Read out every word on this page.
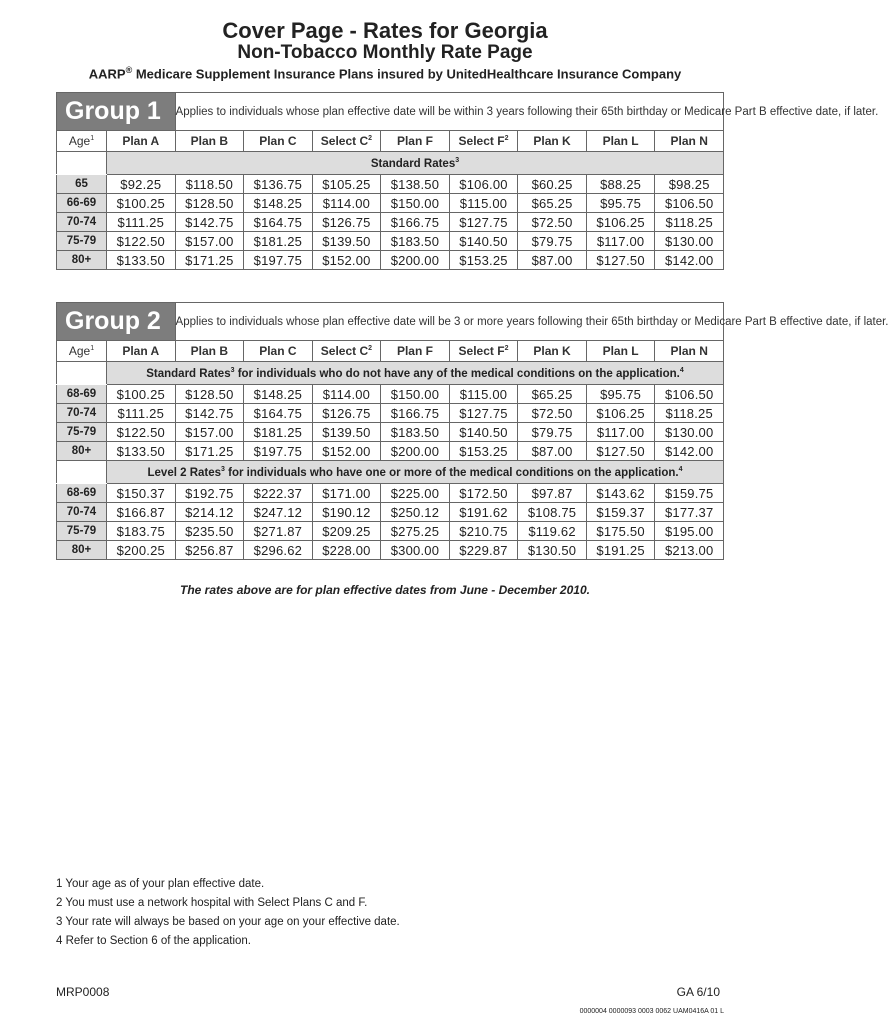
Cover Page - Rates for Georgia
Non-Tobacco Monthly Rate Page
AARP® Medicare Supplement Insurance Plans insured by UnitedHealthcare Insurance Company
Group 1		Applies to individuals whose plan effective date will be within 3 years following their 65th birthday or Medicare Part B effective date, if later.							
Age$^1$	Plan A	Plan B	Plan C	Select $C^2$	Plan F	Select $F^2$	Plan K	Plan L	Plan N
	Standard Rates$^3$
65	$92.25	$118.50	$136.75	$105.25	$138.50	$106.00	$60.25	$88.25	$98.25
66-69	$100.25	$128.50	$148.25	$114.00	$150.00	$115.00	$65.25	$95.75	$106.50
70-74	$111.25	$142.75	$164.75	$126.75	$166.75	$127.75	$72.50	$106.25	$118.25
75-79	$122.50	$157.00	$181.25	$139.50	$183.50	$140.50	$79.75	$117.00	$130.00
80+	$133.50	$171.25	$197.75	$152.00	$200.00	$153.25	$87.00	$127.50	$142.00
Group 2		Applies to individuals whose plan effective date will be 3 or more years following their 65th birthday or Medicare Part B effective date, if later.							
Age$^1$	Plan A	Plan B	Plan C	Select $C^2$	Plan F	Select $F^2$	Plan K	Plan L	Plan N
	Standard Rates$^3$ for individuals who do not have any of the medical conditions on the application.$^4$
68-69	$100.25	$128.50	$148.25	$114.00	$150.00	$115.00	$65.25	$95.75	$106.50
70-74	$111.25	$142.75	$164.75	$126.75	$166.75	$127.75	$72.50	$106.25	$118.25
75-79	$122.50	$157.00	$181.25	$139.50	$183.50	$140.50	$79.75	$117.00	$130.00
80+	$133.50	$171.25	$197.75	$152.00	$200.00	$153.25	$87.00	$127.50	$142.00
	Level 2 Rates$^3$ for individuals who have one or more of the medical conditions on the application.$^4$
68-69	$150.37	$192.75	$222.37	$171.00	$225.00	$172.50	$97.87	$143.62	$159.75
70-74	$166.87	$214.12	$247.12	$190.12	$250.12	$191.62	$108.75	$159.37	$177.37
75-79	$183.75	$235.50	$271.87	$209.25	$275.25	$210.75	$119.62	$175.50	$195.00
80+	$200.25	$256.87	$296.62	$228.00	$300.00	$229.87	$130.50	$191.25	$213.00
The rates above are for plan effective dates from June - December 2010.
1 Your age as of your plan effective date.
2 You must use a network hospital with Select Plans C and F.
3 Your rate will always be based on your age on your effective date.
4 Refer to Section 6 of the application.
MRP0008	GA 6/10
0000004 0000093 0003 0062 UAM0416A 01 L
